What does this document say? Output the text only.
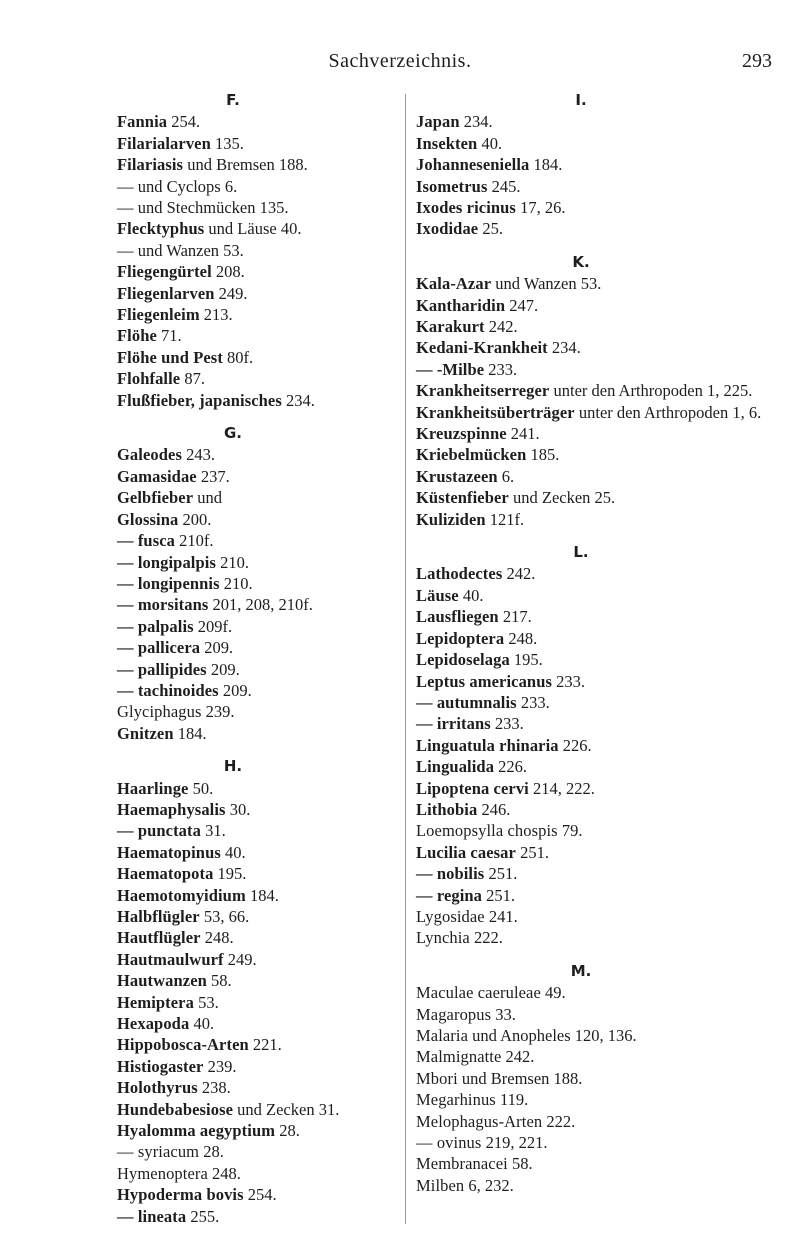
Sachverzeichnis.	293
F.
Fannia 254.
Filarialarven 135.
Filariasis und Bremsen 188.
— und Cyclops 6.
— und Stechmücken 135.
Flecktyphus und Läuse 40.
— und Wanzen 53.
Fliegengürtel 208.
Fliegenlarven 249.
Fliegenleim 213.
Flöhe 71.
Flöhe und Pest 80f.
Flohfalle 87.
Flußfieber, japanisches 234.
G.
Galeodes 243.
Gamasidae 237.
Gelbfieber und
Glossina 200.
— fusca 210f.
— longipalpis 210.
— longipennis 210.
— morsitans 201, 208, 210f.
— palpalis 209f.
— pallicera 209.
— pallipides 209.
— tachinoides 209.
Glyciphagus 239.
Gnitzen 184.
H.
Haarlinge 50.
Haemaphysalis 30.
— punctata 31.
Haematopinus 40.
Haematopota 195.
Haemotomyidium 184.
Halbflügler 53, 66.
Hautflügler 248.
Hautmaulwurf 249.
Hautwanzen 58.
Hemiptera 53.
Hexapoda 40.
Hippobosca-Arten 221.
Histiogaster 239.
Holothyrus 238.
Hundebabesiose und Zecken 31.
Hyalomma aegyptium 28.
— syriacum 28.
Hymenoptera 248.
Hypoderma bovis 254.
— lineata 255.
I.
Japan 234.
Insekten 40.
Johanneseniella 184.
Isometrus 245.
Ixodes ricinus 17, 26.
Ixodidae 25.
K.
Kala-Azar und Wanzen 53.
Kantharidin 247.
Karakurt 242.
Kedani-Krankheit 234.
— -Milbe 233.
Krankheitserreger unter den Arthropoden 1, 225.
Krankheitsüberträger unter den Arthropoden 1, 6.
Kreuzspinne 241.
Kriebelmücken 185.
Krustazeen 6.
Küstenfieber und Zecken 25.
Kuliziden 121f.
L.
Lathodectes 242.
Läuse 40.
Lausfliegen 217.
Lepidoptera 248.
Lepidoselaga 195.
Leptus americanus 233.
— autumnalis 233.
— irritans 233.
Linguatula rhinaria 226.
Lingualida 226.
Lipoptena cervi 214, 222.
Lithobia 246.
Loemopsylla chospis 79.
Lucilia caesar 251.
— nobilis 251.
— regina 251.
Lygosidae 241.
Lynchia 222.
M.
Maculae caeruleae 49.
Magaropus 33.
Malaria und Anopheles 120, 136.
Malmignatte 242.
Mbori und Bremsen 188.
Megarhinus 119.
Melophagus-Arten 222.
— ovinus 219, 221.
Membranacei 58.
Milben 6, 232.
